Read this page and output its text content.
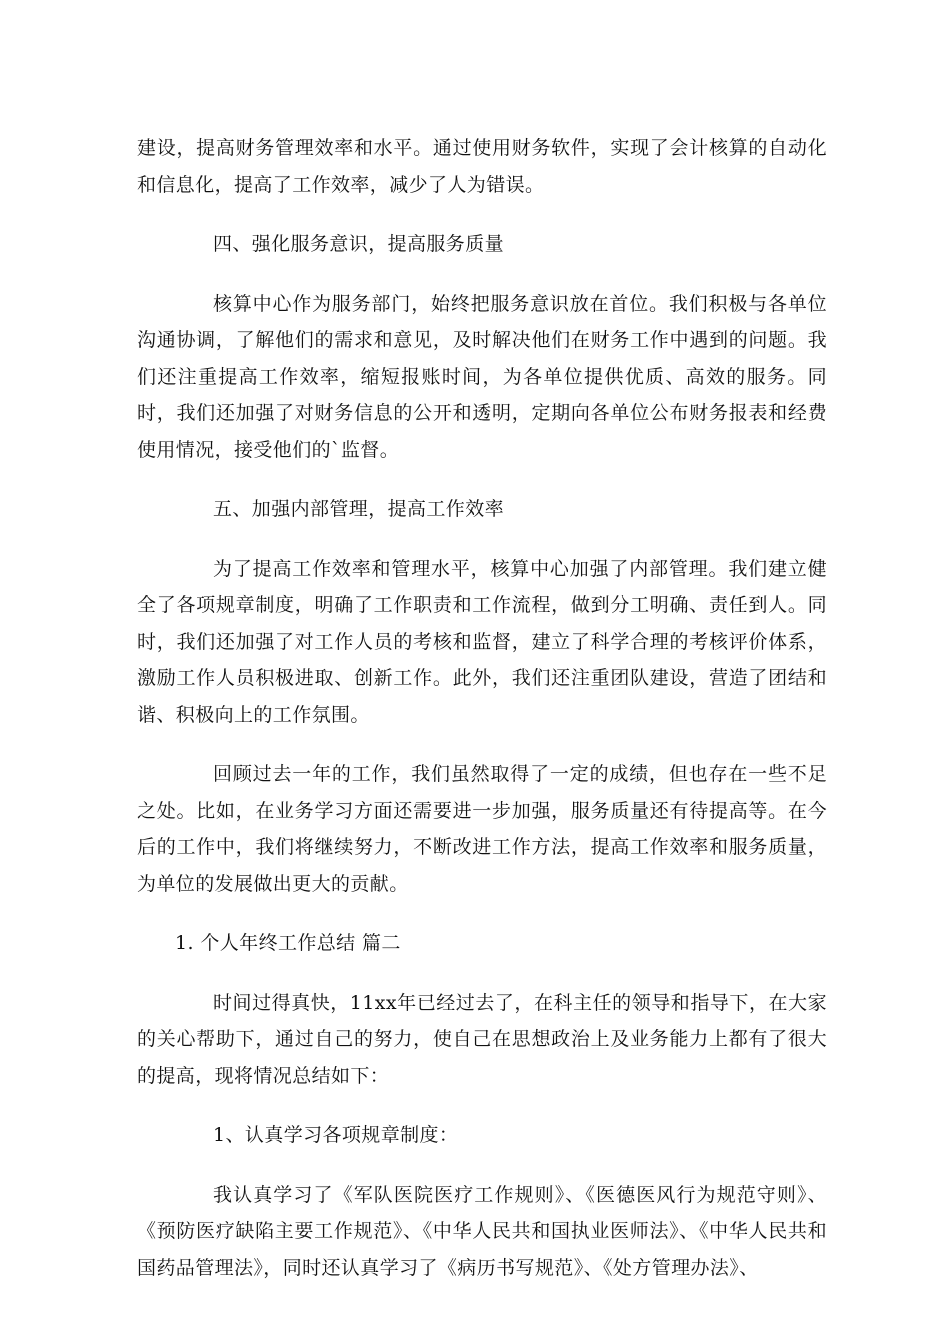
建设，提高财务管理效率和水平。通过使用财务软件，实现了会计核算的自动化和信息化，提高了工作效率，减少了人为错误。

四、强化服务意识，提高服务质量

核算中心作为服务部门，始终把服务意识放在首位。我们积极与各单位沟通协调，了解他们的需求和意见，及时解决他们在财务工作中遇到的问题。我们还注重提高工作效率，缩短报账时间，为各单位提供优质、高效的服务。同时，我们还加强了对财务信息的公开和透明，定期向各单位公布财务报表和经费使用情况，接受他们的`监督。

五、加强内部管理，提高工作效率

为了提高工作效率和管理水平，核算中心加强了内部管理。我们建立健全了各项规章制度，明确了工作职责和工作流程，做到分工明确、责任到人。同时，我们还加强了对工作人员的考核和监督，建立了科学合理的考核评价体系，激励工作人员积极进取、创新工作。此外，我们还注重团队建设，营造了团结和谐、积极向上的工作氛围。

回顾过去一年的工作，我们虽然取得了一定的成绩，但也存在一些不足之处。比如，在业务学习方面还需要进一步加强，服务质量还有待提高等。在今后的工作中，我们将继续努力，不断改进工作方法，提高工作效率和服务质量，为单位的发展做出更大的贡献。

1. 个人年终工作总结 篇二

时间过得真快，11xx年已经过去了，在科主任的领导和指导下，在大家的关心帮助下，通过自己的努力，使自己在思想政治上及业务能力上都有了很大的提高，现将情况总结如下：

1、认真学习各项规章制度：

我认真学习了《军队医院医疗工作规则》、《医德医风行为规范守则》、《预防医疗缺陷主要工作规范》、《中华人民共和国执业医师法》、《中华人民共和国药品管理法》，同时还认真学习了《病历书写规范》、《处方管理办法》、
